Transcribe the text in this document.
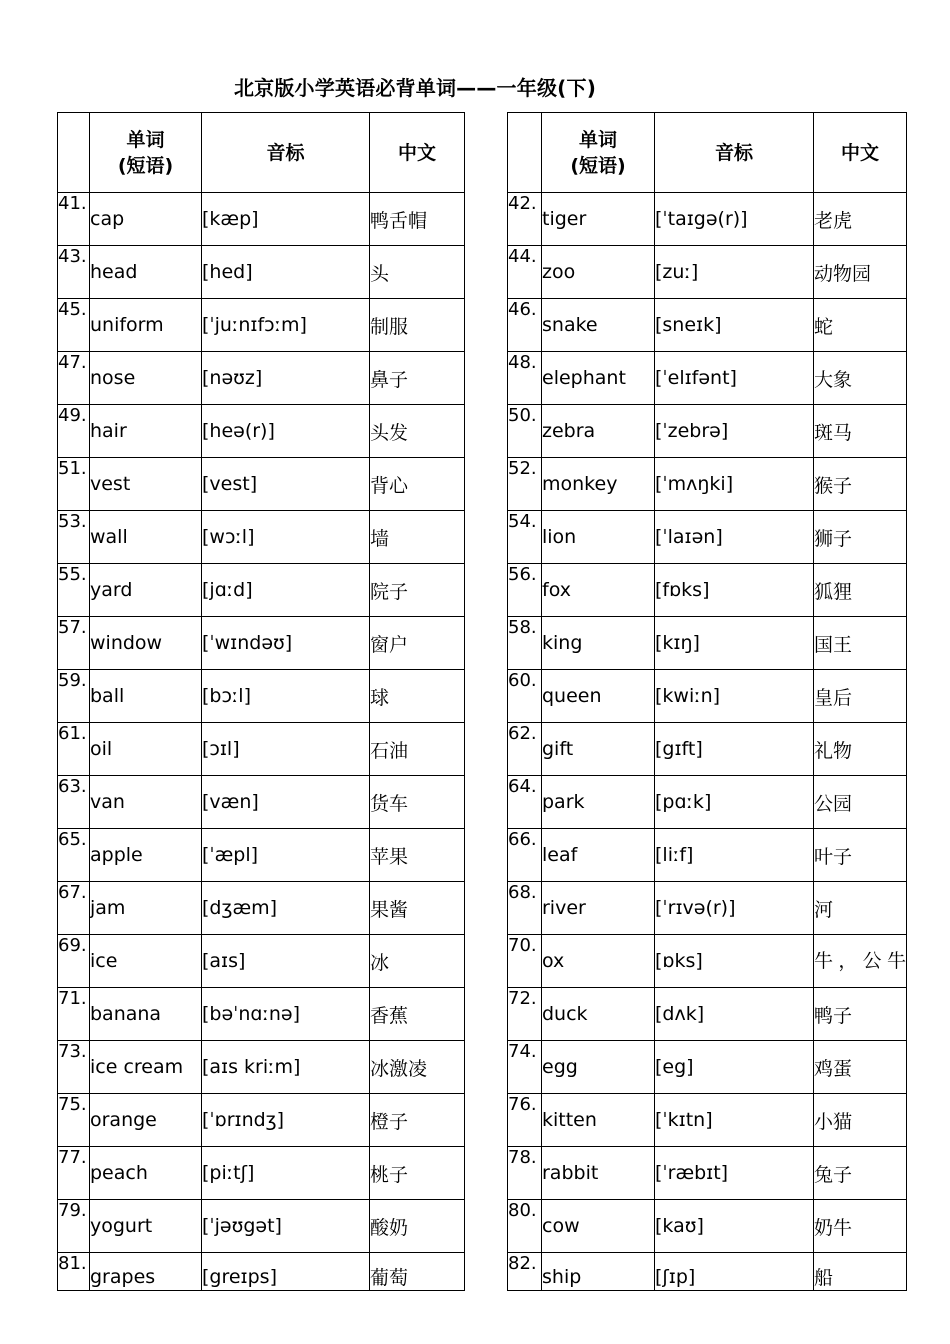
北京版小学英语必背单词——一年级(下)

	单词
(短语)	音标	中文
41.	cap	[kæp]	鸭舌帽
43.	head	[hed]	头
45.	uniform	[ˈjuːnɪfɔːm]	制服
47.	nose	[nəʊz]	鼻子
49.	hair	[heə(r)]	头发
51.	vest	[vest]	背心
53.	wall	[wɔːl]	墙
55.	yard	[jɑːd]	院子
57.	window	[ˈwɪndəʊ]	窗户
59.	ball	[bɔːl]	球
61.	oil	[ɔɪl]	石油
63.	van	[væn]	货车
65.	apple	[ˈæpl]	苹果
67.	jam	[dʒæm]	果酱
69.	ice	[aɪs]	冰
71.	banana	[bəˈnɑːnə]	香蕉
73.	ice cream	[aɪs kriːm]	冰激凌
75.	orange	[ˈɒrɪndʒ]	橙子
77.	peach	[piːtʃ]	桃子
79.	yogurt	[ˈjəʊgət]	酸奶
81.	grapes	[greɪps]	葡萄

	单词
(短语)	音标	中文
42.	tiger	[ˈtaɪgə(r)]	老虎
44.	zoo	[zuː]	动物园
46.	snake	[sneɪk]	蛇
48.	elephant	[ˈelɪfənt]	大象
50.	zebra	[ˈzebrə]	斑马
52.	monkey	[ˈmʌŋki]	猴子
54.	lion	[ˈlaɪən]	狮子
56.	fox	[fɒks]	狐狸
58.	king	[kɪŋ]	国王
60.	queen	[kwiːn]	皇后
62.	gift	[gɪft]	礼物
64.	park	[pɑːk]	公园
66.	leaf	[liːf]	叶子
68.	river	[ˈrɪvə(r)]	河
70.	ox	[ɒks]	牛，公牛
72.	duck	[dʌk]	鸭子
74.	egg	[eg]	鸡蛋
76.	kitten	[ˈkɪtn]	小猫
78.	rabbit	[ˈræbɪt]	兔子
80.	cow	[kaʊ]	奶牛
82.	ship	[ʃɪp]	船
